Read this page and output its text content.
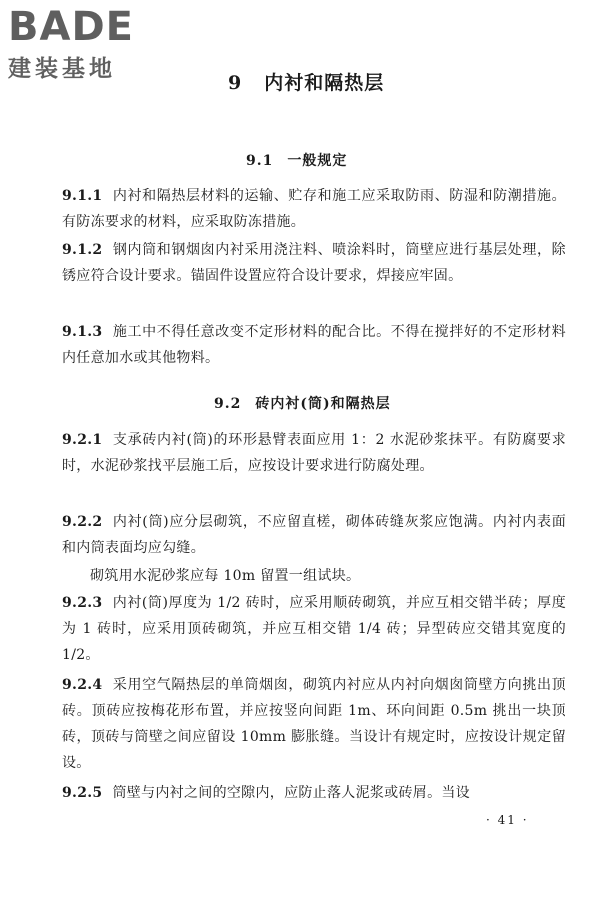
BADE
建装基地
9 内衬和隔热层
9.1 一般规定
9.1.1 内衬和隔热层材料的运输、贮存和施工应采取防雨、防湿和防潮措施。有防冻要求的材料，应采取防冻措施。
9.1.2 钢内筒和钢烟囱内衬采用浇注料、喷涂料时，筒壁应进行基层处理，除锈应符合设计要求。锚固件设置应符合设计要求，焊接应牢固。
9.1.3 施工中不得任意改变不定形材料的配合比。不得在搅拌好的不定形材料内任意加水或其他物料。
9.2 砖内衬(筒)和隔热层
9.2.1 支承砖内衬(筒)的环形悬臂表面应用 1：2 水泥砂浆抹平。有防腐要求时，水泥砂浆找平层施工后，应按设计要求进行防腐处理。
9.2.2 内衬(筒)应分层砌筑，不应留直槎，砌体砖缝灰浆应饱满。内衬内表面和内筒表面均应勾缝。
砌筑用水泥砂浆应每 10m 留置一组试块。
9.2.3 内衬(筒)厚度为 1/2 砖时，应采用顺砖砌筑，并应互相交错半砖；厚度为 1 砖时，应采用顶砖砌筑，并应互相交错 1/4 砖；异型砖应交错其宽度的 1/2。
9.2.4 采用空气隔热层的单筒烟囱，砌筑内衬应从内衬向烟囱筒壁方向挑出顶砖。顶砖应按梅花形布置，并应按竖向间距 1m、环向间距 0.5m 挑出一块顶砖，顶砖与筒壁之间应留设 10mm 膨胀缝。当设计有规定时，应按设计规定留设。
9.2.5 筒壁与内衬之间的空隙内，应防止落人泥浆或砖屑。当设
· 41 ·
